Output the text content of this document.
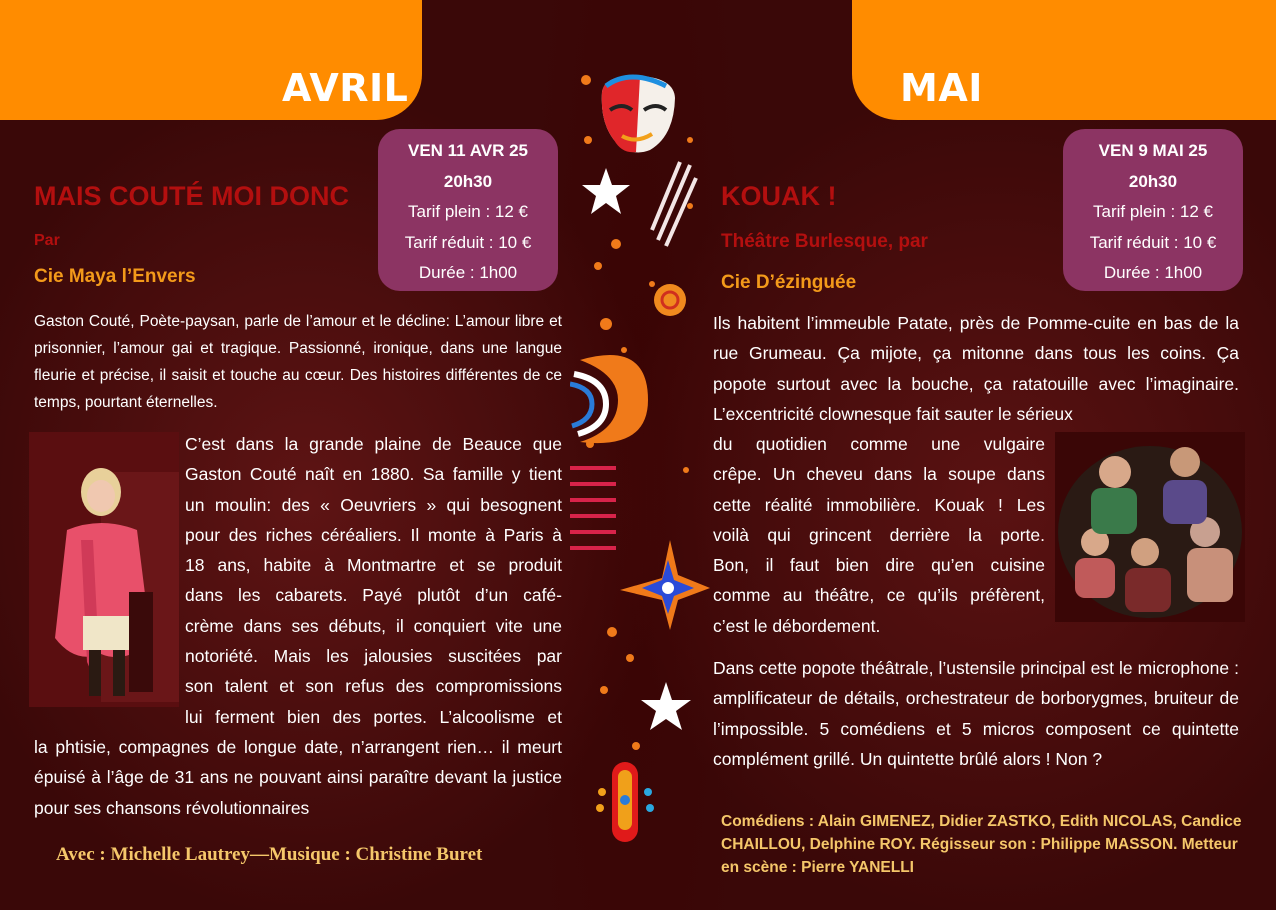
AVRIL	MAI
VEN 11 AVR 25
20h30
Tarif plein : 12 €
Tarif réduit : 10 €
Durée : 1h00
MAIS COUTÉ MOI DONC
Par
Cie Maya l’Envers
Gaston Couté, Poète-paysan, parle de l’amour et le décline: L’amour libre et prisonnier, l’amour gai et tragique. Passionné, ironique, dans une langue fleurie et précise, il saisit et touche au cœur. Des histoires différentes de ce temps, pourtant éternelles.
C’est dans la grande plaine de Beauce que
Gaston Couté naît en 1880. Sa famille y tient
un moulin: des « Oeuvriers » qui besognent
pour des riches céréaliers. Il monte à Paris à
18 ans, habite à Montmartre et se produit
dans les cabarets. Payé plutôt d’un café-
crème dans ses débuts, il conquiert vite une
notoriété. Mais les jalousies suscitées par
son talent et son refus des compromissions
lui ferment bien des portes. L’alcoolisme et
la phtisie, compagnes de longue date, n’arrangent rien… il meurt épuisé à l’âge de 31 ans ne pouvant ainsi paraître devant la justice pour ses chansons révolutionnaires
Avec : Michelle Lautrey—Musique : Christine Buret
VEN 9 MAI 25
20h30
Tarif plein : 12 €
Tarif réduit : 10 €
Durée : 1h00
KOUAK !
Théâtre Burlesque, par
Cie D’ézinguée
Ils habitent l’immeuble Patate, près de Pomme-cuite en bas de la rue Grumeau. Ça mijote, ça mitonne dans tous les coins. Ça popote surtout avec la bouche, ça ratatouille avec l’imaginaire. L’excentricité clownesque fait sauter le sérieux
du quotidien comme une vulgaire
crêpe. Un cheveu dans la soupe dans
cette réalité immobilière. Kouak ! Les
voilà qui grincent derrière la porte.
Bon, il faut bien dire qu’en cuisine
comme au théâtre, ce qu’ils préfèrent,
c’est le débordement.
Dans cette popote théâtrale, l’ustensile principal est le microphone : amplificateur de détails, orchestrateur de borborygmes, bruiteur de l’impossible. 5 comédiens et 5 micros composent ce quintette complément grillé. Un quintette brûlé alors ! Non ?
Comédiens : Alain GIMENEZ, Didier ZASTKO, Edith NICOLAS, Candice CHAILLOU, Delphine ROY. Régisseur son : Philippe MASSON. Metteur en scène : Pierre YANELLI
